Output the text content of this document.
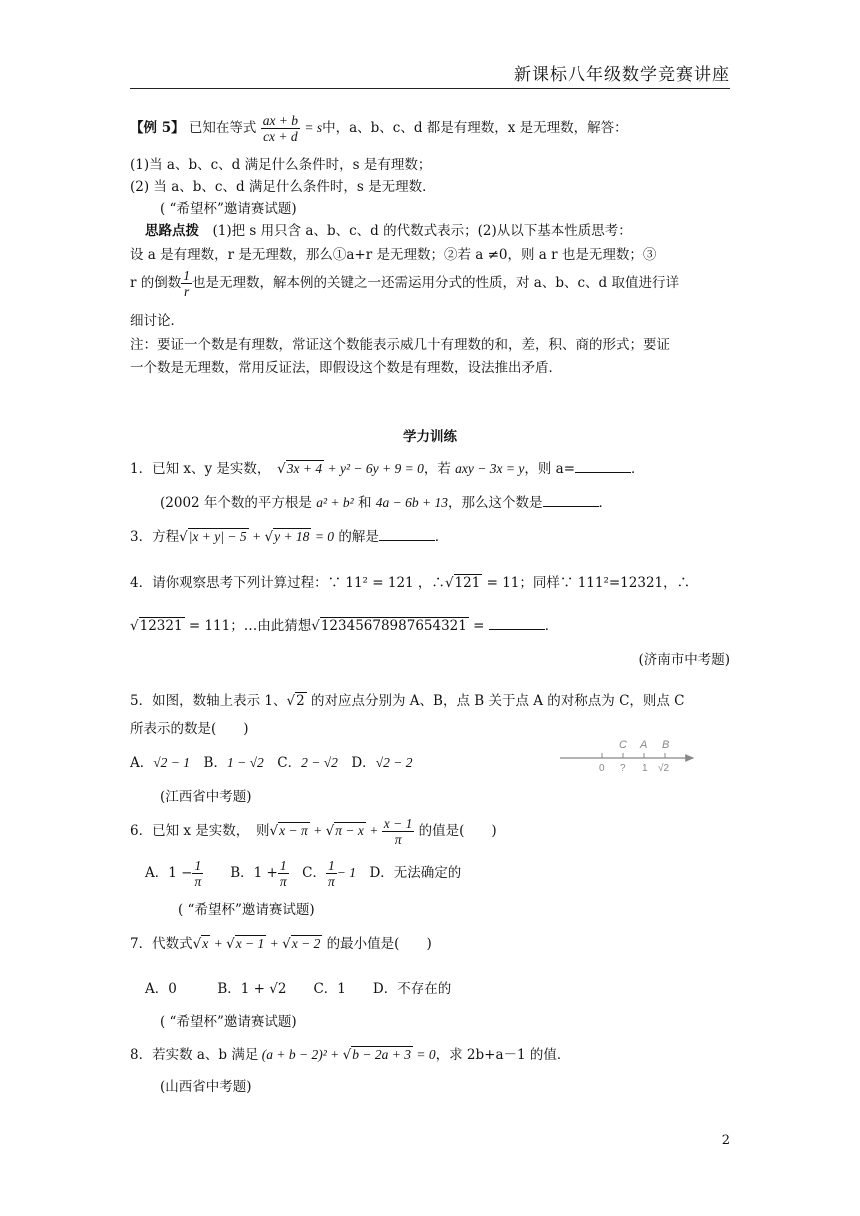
新课标八年级数学竞赛讲座
【例 5】 已知在等式 $\frac{ax + b}{cx + d} = s$中，a、b、c、d 都是有理数，x 是无理数，解答：
(1)当 a、b、c、d 满足什么条件时，s 是有理数；
(2) 当 a、b、c、d 满足什么条件时，s 是无理数．
( “希望杯”邀请赛试题)
思路点拨　 (1)把 s 用只含 a、b、c、d 的代数式表示；(2)从以下基本性质思考：
设 a 是有理数，r 是无理数，那么①a+r 是无理数；②若 a ≠0，则 a r 也是无理数；③
r 的倒数 $\frac{1}{r}$ 也是无理数，解本例的关键之一还需运用分式的性质，对 a、b、c、d 取值进行详
细讨论．
注：要证一个数是有理数，常证这个数能表示威几十有理数的和，差，积、商的形式；要证
一个数是无理数，常用反证法，即假设这个数是有理数，设法推出矛盾．
学力训练
1．已知 x、y 是实数，　 √3x + 4 + y² − 6y + 9 = 0，若 axy − 3x = y，则 a=	．
(2002 年个数的平方根是 a² + b² 和 4a − 6b + 13，那么这个数是	．
3．方程√|x + y| − 5 + √y + 18 = 0 的解是	．
4．请你观察思考下列计算过程：∵ 11² = 121 ，∴√121 = 11；同样∵ 111²=12321，∴
√12321 = 111；…由此猜想√12345678987654321 =	．
(济南市中考题)
5．如图，数轴上表示 1、√2 的对应点分别为 A、B，点 B 关于点 A 的对称点为 C，则点 C
所表示的数是(　　)
A．√2 − 1　 B．1 − √2　 C．2 − √2　 D．√2 − 2
(江西省中考题)
C A B
0 ? 1 √2
6．已知 x 是实数，　则$√x - \pi + √\pi - x + \frac{x - 1}{\pi}$ 的值是(　　)
A．$1 - \frac{1}{\pi}$
　　 B．$1 + \frac{1}{\pi}$
　 C． $\frac{1}{\pi} - 1$　 D．无法确定的
( “希望杯”邀请赛试题)
7．代数式√x + √x − 1 + √x − 2 的最小值是(　　)
A．0　　　	B．1 + √2　　 C．1　　 D．不存在的
( “希望杯”邀请赛试题)
8．若实数 a、b 满足 (a + b − 2)² + √b − 2a + 3 = 0，求 2b+a－1 的值．
(山西省中考题)
2
